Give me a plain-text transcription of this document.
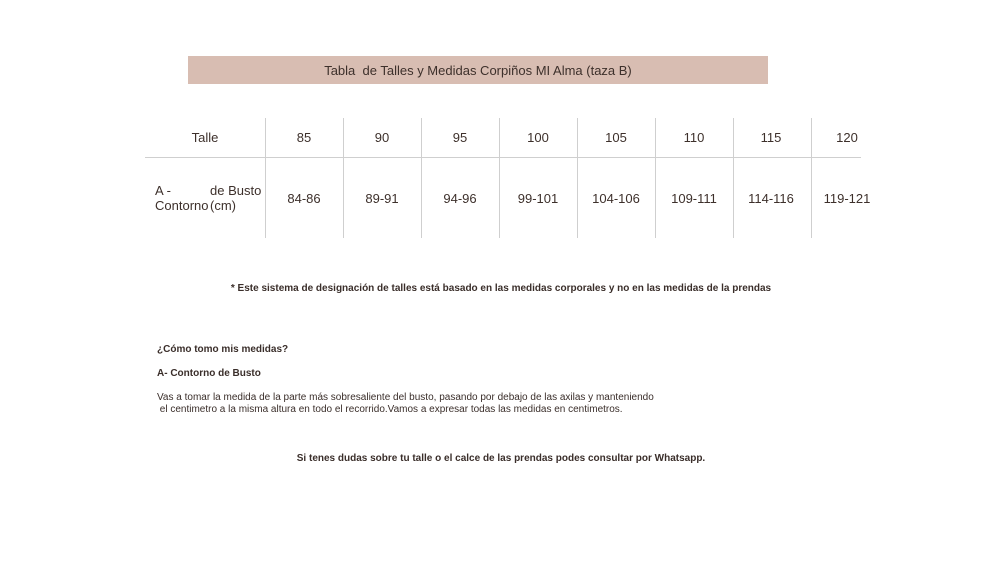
Tabla  de Talles y Medidas Corpiños MI Alma (taza B)
Talle	85	90	95	100	105	110	115	120
A - Contorno
de Busto (cm)	84-86	89-91	94-96	99-101	104-106	109-111	114-116	119-121
* Este sistema de designación de talles está basado en las medidas corporales y no en las medidas de la prendas
¿Cómo tomo mis medidas?
A- Contorno de Busto
Vas a tomar la medida de la parte más sobresaliente del busto, pasando por debajo de las axilas y manteniendo
el centimetro a la misma altura en todo el recorrido.Vamos a expresar todas las medidas en centimetros.
Si tenes dudas sobre tu talle o el calce de las prendas podes consultar por Whatsapp.
